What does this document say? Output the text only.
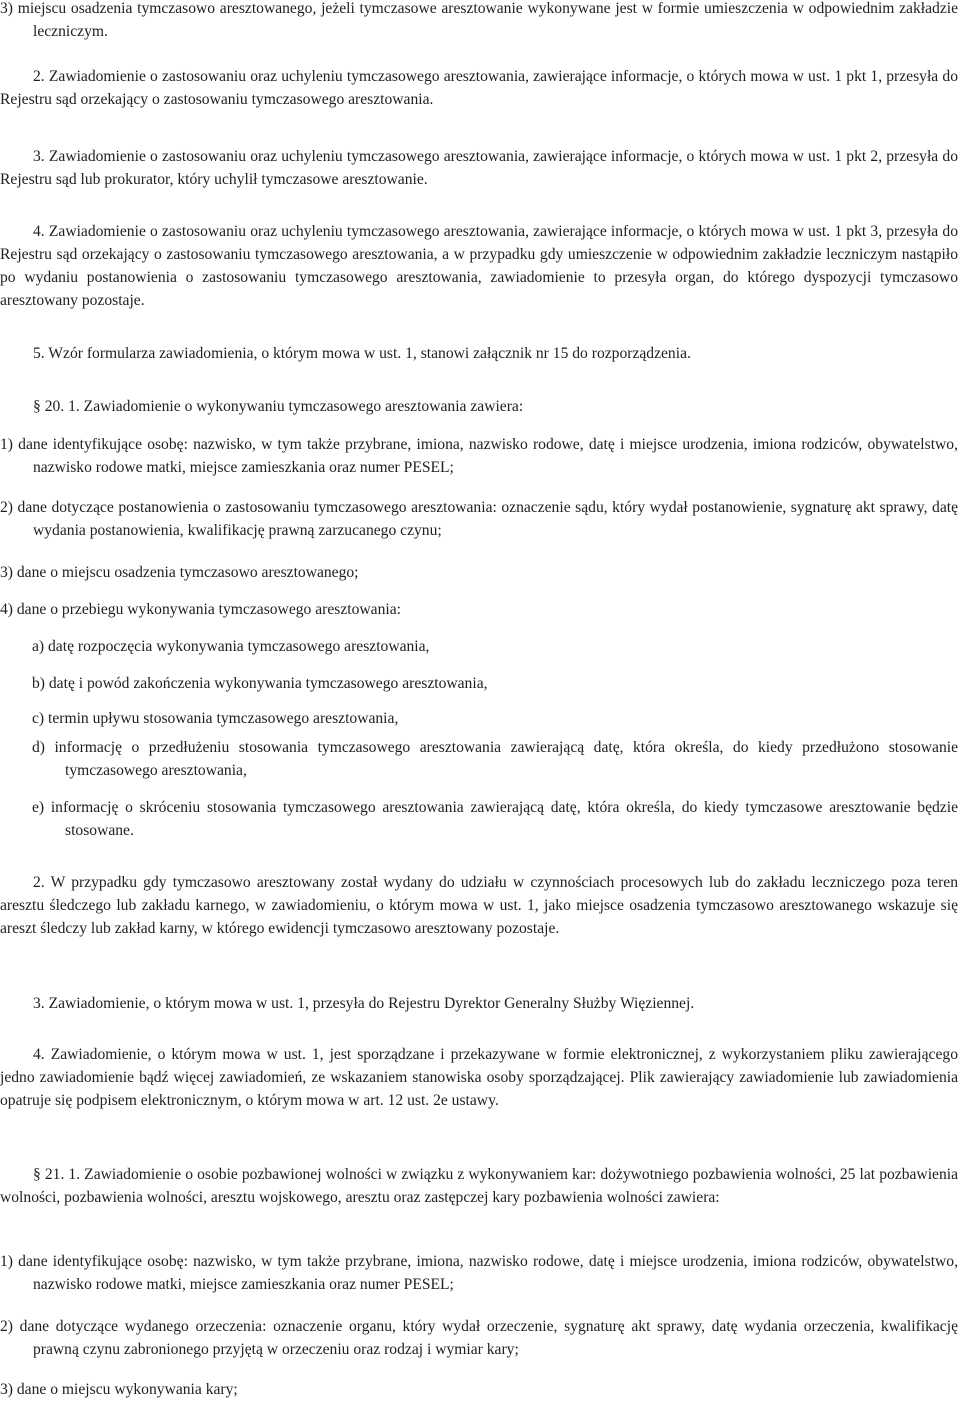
3) miejscu osadzenia tymczasowo aresztowanego, jeżeli tymczasowe aresztowanie wykonywane jest w formie umieszczenia w odpowiednim zakładzie leczniczym.

2. Zawiadomienie o zastosowaniu oraz uchyleniu tymczasowego aresztowania, zawierające informacje, o których mowa w ust. 1 pkt 1, przesyła do Rejestru sąd orzekający o zastosowaniu tymczasowego aresztowania.

3. Zawiadomienie o zastosowaniu oraz uchyleniu tymczasowego aresztowania, zawierające informacje, o których mowa w ust. 1 pkt 2, przesyła do Rejestru sąd lub prokurator, który uchylił tymczasowe aresztowanie.

4. Zawiadomienie o zastosowaniu oraz uchyleniu tymczasowego aresztowania, zawierające informacje, o których mowa w ust. 1 pkt 3, przesyła do Rejestru sąd orzekający o zastosowaniu tymczasowego aresztowania, a w przypadku gdy umieszczenie w odpowiednim zakładzie leczniczym nastąpiło po wydaniu postanowienia o zastosowaniu tymczasowego aresztowania, zawiadomienie to przesyła organ, do którego dyspozycji tymczasowo aresztowany pozostaje.

5. Wzór formularza zawiadomienia, o którym mowa w ust. 1, stanowi załącznik nr 15 do rozporządzenia.

§ 20. 1. Zawiadomienie o wykonywaniu tymczasowego aresztowania zawiera:

1) dane identyfikujące osobę: nazwisko, w tym także przybrane, imiona, nazwisko rodowe, datę i miejsce urodzenia, imiona rodziców, obywatelstwo, nazwisko rodowe matki, miejsce zamieszkania oraz numer PESEL;

2) dane dotyczące postanowienia o zastosowaniu tymczasowego aresztowania: oznaczenie sądu, który wydał postanowienie, sygnaturę akt sprawy, datę wydania postanowienia, kwalifikację prawną zarzucanego czynu;

3) dane o miejscu osadzenia tymczasowo aresztowanego;

4) dane o przebiegu wykonywania tymczasowego aresztowania:

a) datę rozpoczęcia wykonywania tymczasowego aresztowania,

b) datę i powód zakończenia wykonywania tymczasowego aresztowania,

c) termin upływu stosowania tymczasowego aresztowania,

d) informację o przedłużeniu stosowania tymczasowego aresztowania zawierającą datę, która określa, do kiedy przedłużono stosowanie tymczasowego aresztowania,

e) informację o skróceniu stosowania tymczasowego aresztowania zawierającą datę, która określa, do kiedy tymczasowe aresztowanie będzie stosowane.

2. W przypadku gdy tymczasowo aresztowany został wydany do udziału w czynnościach procesowych lub do zakładu leczniczego poza teren aresztu śledczego lub zakładu karnego, w zawiadomieniu, o którym mowa w ust. 1, jako miejsce osadzenia tymczasowo aresztowanego wskazuje się areszt śledczy lub zakład karny, w którego ewidencji tymczasowo aresztowany pozostaje.

3. Zawiadomienie, o którym mowa w ust. 1, przesyła do Rejestru Dyrektor Generalny Służby Więziennej.

4. Zawiadomienie, o którym mowa w ust. 1, jest sporządzane i przekazywane w formie elektronicznej, z wykorzystaniem pliku zawierającego jedno zawiadomienie bądź więcej zawiadomień, ze wskazaniem stanowiska osoby sporządzającej. Plik zawierający zawiadomienie lub zawiadomienia opatruje się podpisem elektronicznym, o którym mowa w art. 12 ust. 2e ustawy.

§ 21. 1. Zawiadomienie o osobie pozbawionej wolności w związku z wykonywaniem kar: dożywotniego pozbawienia wolności, 25 lat pozbawienia wolności, pozbawienia wolności, aresztu wojskowego, aresztu oraz zastępczej kary pozbawienia wolności zawiera:

1) dane identyfikujące osobę: nazwisko, w tym także przybrane, imiona, nazwisko rodowe, datę i miejsce urodzenia, imiona rodziców, obywatelstwo, nazwisko rodowe matki, miejsce zamieszkania oraz numer PESEL;

2) dane dotyczące wydanego orzeczenia: oznaczenie organu, który wydał orzeczenie, sygnaturę akt sprawy, datę wydania orzeczenia, kwalifikację prawną czynu zabronionego przyjętą w orzeczeniu oraz rodzaj i wymiar kary;

3) dane o miejscu wykonywania kary;
